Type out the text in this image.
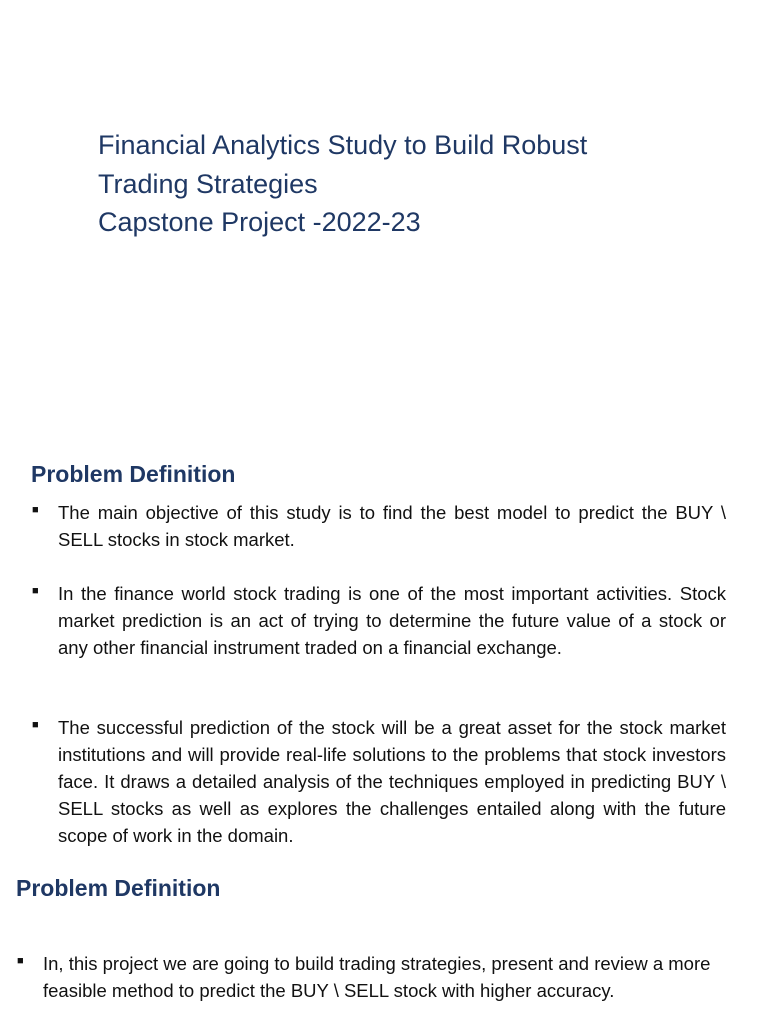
Financial Analytics Study to Build Robust
Trading Strategies
Capstone Project -2022-23
Problem Definition
■ The main objective of this study is to find the best model to predict the BUY \ SELL stocks in stock market.
■ In the finance world stock trading is one of the most important activities. Stock market prediction is an act of trying to determine the future value of a stock or any other financial instrument traded on a financial exchange.
■ The successful prediction of the stock will be a great asset for the stock market institutions and will provide real-life solutions to the problems that stock investors face. It draws a detailed analysis of the techniques employed in predicting BUY \ SELL stocks as well as explores the challenges entailed along with the future scope of work in the domain.
Problem Definition
■ In, this project we are going to build trading strategies, present and review a more feasible method to predict the BUY \ SELL stock with higher accuracy.
